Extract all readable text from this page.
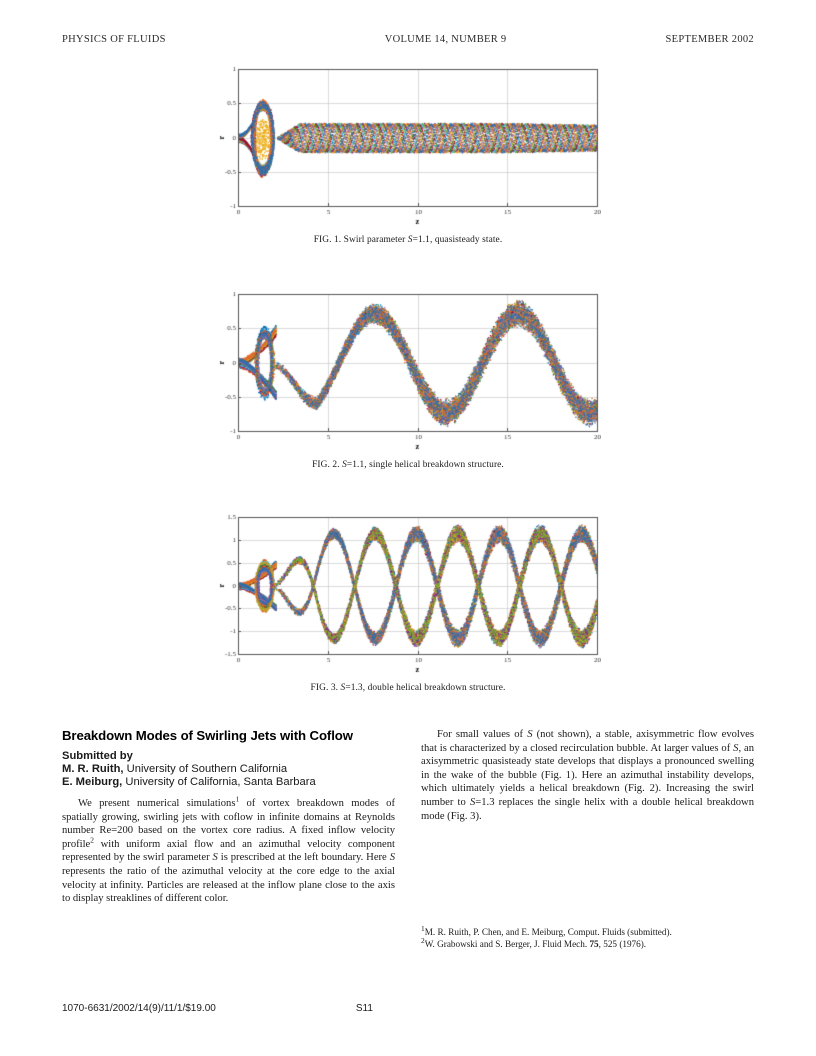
PHYSICS OF FLUIDS	VOLUME 14, NUMBER 9	SEPTEMBER 2002
FIG. 1. Swirl parameter S=1.1, quasisteady state.
FIG. 2. S=1.1, single helical breakdown structure.
FIG. 3. S=1.3, double helical breakdown structure.
Breakdown Modes of Swirling Jets with Coflow
Submitted by
M. R. Ruith, University of Southern California
E. Meiburg, University of California, Santa Barbara

We present numerical simulations$^1$ of vortex breakdown modes of spatially growing, swirling jets with coflow in infinite domains at Reynolds number Re=200 based on the vortex core radius. A fixed inflow velocity profile$^2$ with uniform axial flow and an azimuthal velocity component represented by the swirl parameter S is prescribed at the left boundary. Here S represents the ratio of the azimuthal velocity at the core edge to the axial velocity at infinity. Particles are released at the inflow plane close to the axis to display streaklines of different color.

For small values of S (not shown), a stable, axisymmetric flow evolves that is characterized by a closed recirculation bubble. At larger values of S, an axisymmetric quasisteady state develops that displays a pronounced swelling in the wake of the bubble (Fig. 1). Here an azimuthal instability develops, which ultimately yields a helical breakdown (Fig. 2). Increasing the swirl number to S=1.3 replaces the single helix with a double helical breakdown mode (Fig. 3).

$^1$M. R. Ruith, P. Chen, and E. Meiburg, Comput. Fluids (submitted).

$^2$W. Grabowski and S. Berger, J. Fluid Mech. 75, 525 (1976).

1070-6631/2002/14(9)/11/1/$19.00	S11
